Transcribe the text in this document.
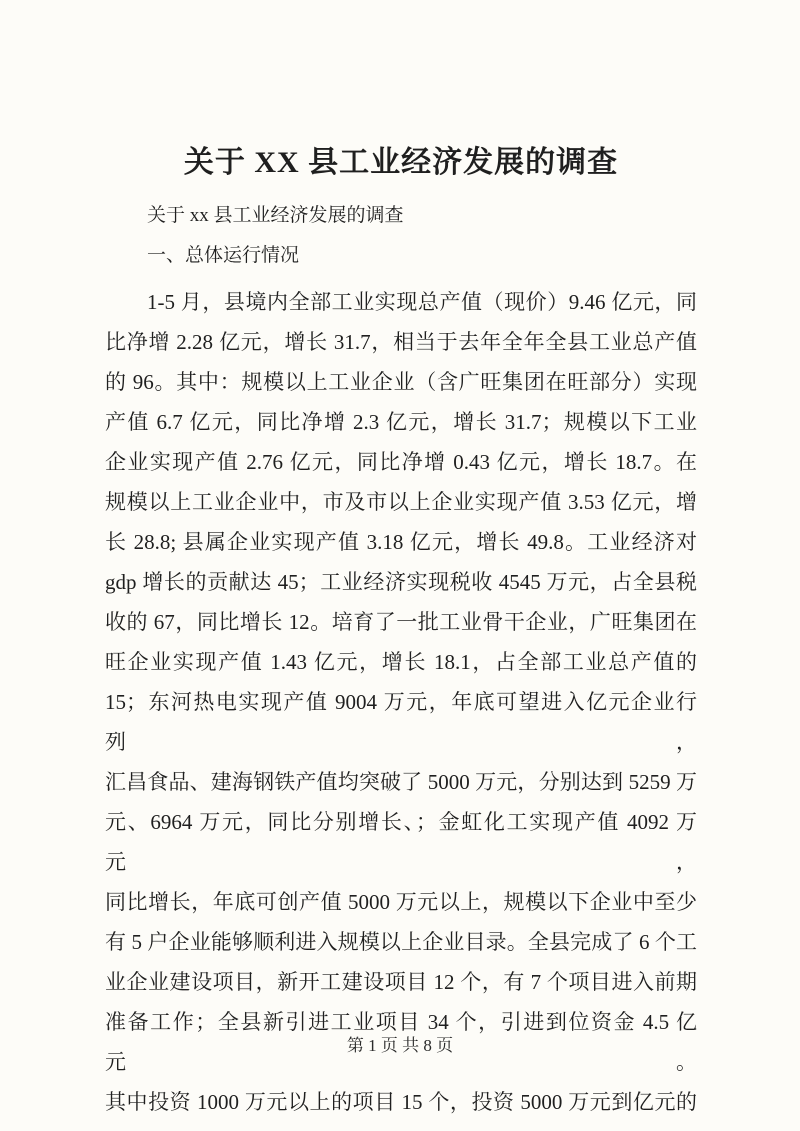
关于 XX 县工业经济发展的调查

关于 xx 县工业经济发展的调查

一、总体运行情况

1-5 月，县境内全部工业实现总产值（现价）9.46 亿元，同
比净增 2.28 亿元，增长 31.7，相当于去年全年全县工业总产值
的 96。其中：规模以上工业企业（含广旺集团在旺部分）实现
产值 6.7 亿元，同比净增 2.3 亿元，增长 31.7；规模以下工业
企业实现产值 2.76 亿元，同比净增 0.43 亿元，增长 18.7。在
规模以上工业企业中，市及市以上企业实现产值 3.53 亿元，增
长 28.8; 县属企业实现产值 3.18 亿元，增长 49.8。工业经济对
gdp 增长的贡献达 45；工业经济实现税收 4545 万元，占全县税
收的 67，同比增长 12。培育了一批工业骨干企业，广旺集团在
旺企业实现产值 1.43 亿元，增长 18.1，占全部工业总产值的
15；东河热电实现产值 9004 万元，年底可望进入亿元企业行列，
汇昌食品、建海钢铁产值均突破了 5000 万元，分别达到 5259 万
元、6964 万元，同比分别增长、；金虹化工实现产值 4092 万元，
同比增长，年底可创产值 5000 万元以上，规模以下企业中至少
有 5 户企业能够顺利进入规模以上企业目录。全县完成了 6 个工
业企业建设项目，新开工建设项目 12 个，有 7 个项目进入前期
准备工作；全县新引进工业项目 34 个，引进到位资金 4.5 亿元。
其中投资 1000 万元以上的项目 15 个，投资 5000 万元到亿元的
第 1 页 共 8 页
